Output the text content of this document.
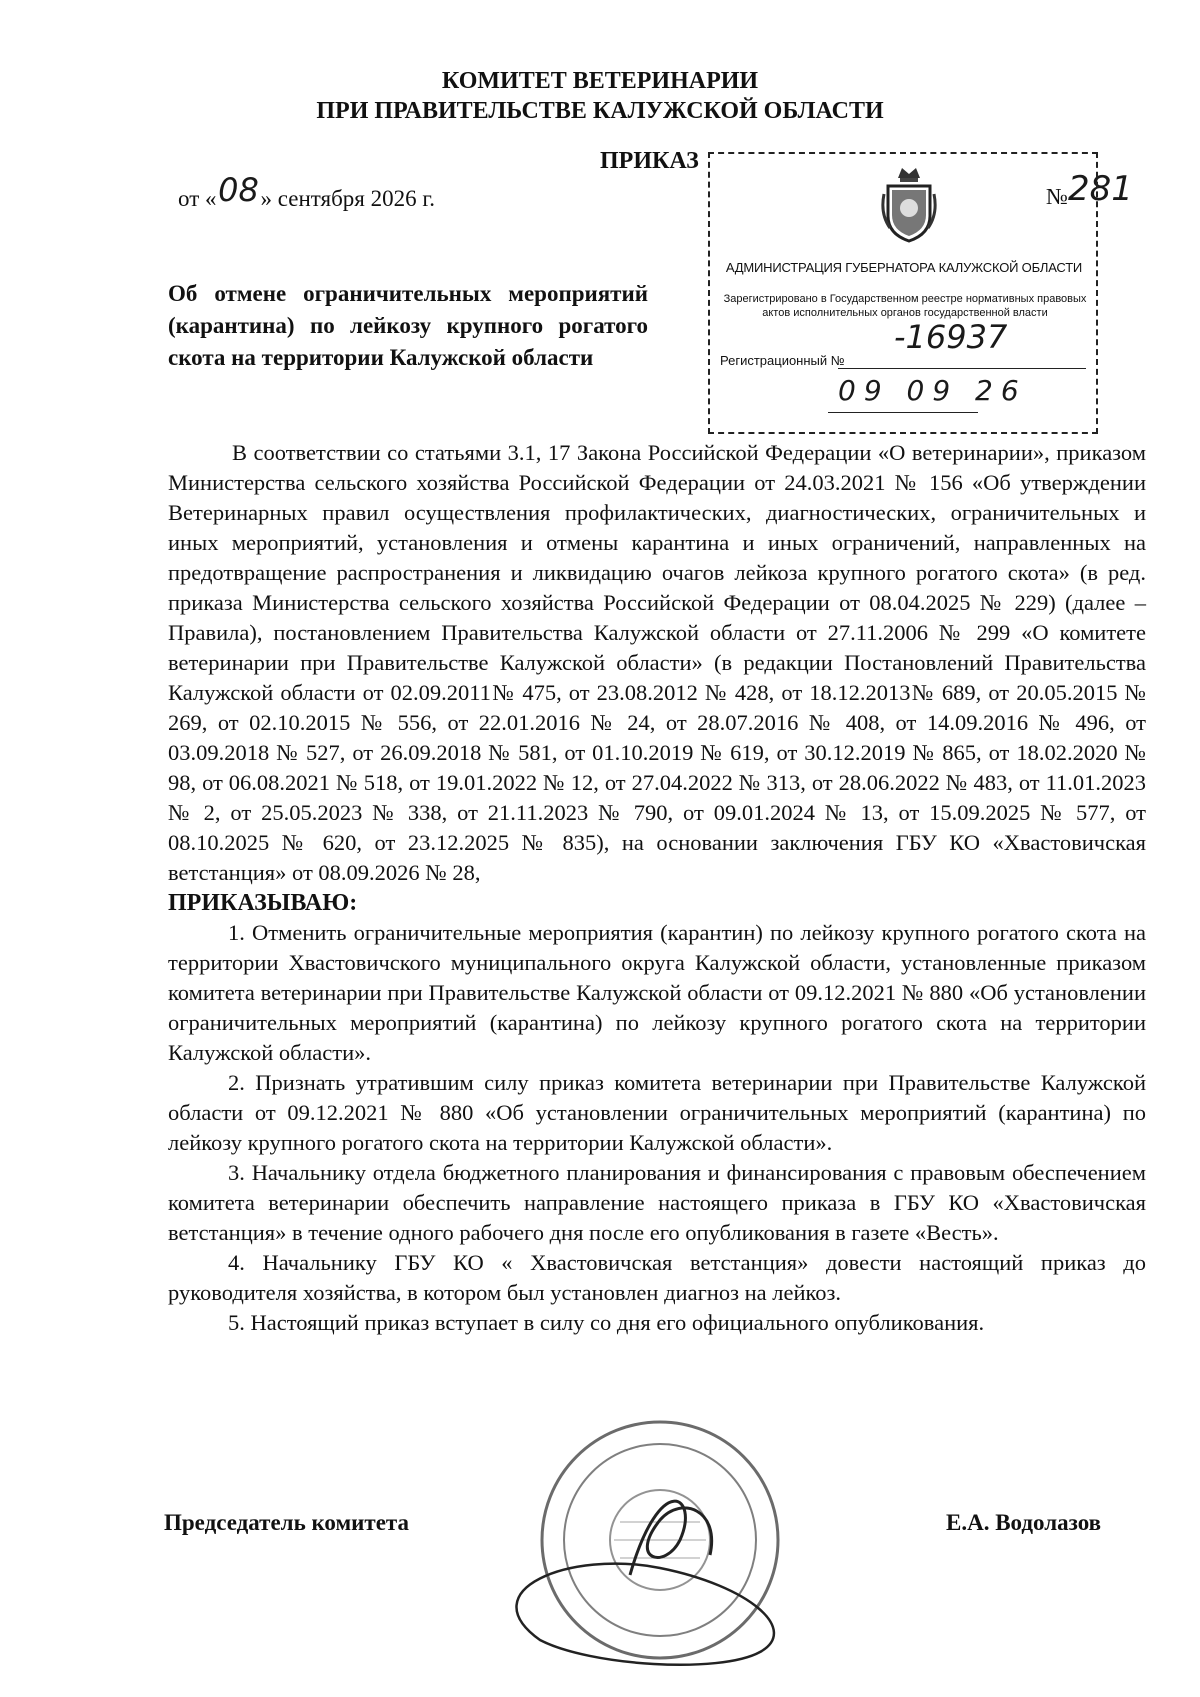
КОМИТЕТ ВЕТЕРИНАРИИ
ПРИ ПРАВИТЕЛЬСТВЕ КАЛУЖСКОЙ ОБЛАСТИ
ПРИКАЗ
от «08» сентября 2026 г.	№281
АДМИНИСТРАЦИЯ ГУБЕРНАТОРА КАЛУЖСКОЙ ОБЛАСТИ
Зарегистрировано в Государственном реестре нормативных правовых актов исполнительных органов государственной власти
Регистрационный №
-16937
09 09 26
Об отмене ограничительных мероприятий (карантина) по лейкозу крупного рогатого скота на территории Калужской области

В соответствии со статьями 3.1, 17 Закона Российской Федерации «О ветеринарии», приказом Министерства сельского хозяйства Российской Федерации от 24.03.2021 № 156 «Об утверждении Ветеринарных правил осуществления профилактических, диагностических, ограничительных и иных мероприятий, установления и отмены карантина и иных ограничений, направленных на предотвращение распространения и ликвидацию очагов лейкоза крупного рогатого скота» (в ред. приказа Министерства сельского хозяйства Российской Федерации от 08.04.2025 № 229) (далее – Правила), постановлением Правительства Калужской области от 27.11.2006 № 299 «О комитете ветеринарии при Правительстве Калужской области» (в редакции Постановлений Правительства Калужской области от 02.09.2011№ 475, от 23.08.2012 № 428, от 18.12.2013№ 689, от 20.05.2015 № 269, от 02.10.2015 № 556, от 22.01.2016 № 24, от 28.07.2016 № 408, от 14.09.2016 № 496, от 03.09.2018 № 527, от 26.09.2018 № 581, от 01.10.2019 № 619, от 30.12.2019 № 865, от 18.02.2020 № 98, от 06.08.2021 № 518, от 19.01.2022 № 12, от 27.04.2022 № 313, от 28.06.2022 № 483, от 11.01.2023 № 2, от 25.05.2023 № 338, от 21.11.2023 № 790, от 09.01.2024 № 13, от 15.09.2025 № 577, от 08.10.2025 № 620, от 23.12.2025 № 835), на основании заключения ГБУ КО «Хвастовичская ветстанция» от 08.09.2026 № 28,

ПРИКАЗЫВАЮ:

1. Отменить ограничительные мероприятия (карантин) по лейкозу крупного рогатого скота на территории Хвастовичского муниципального округа Калужской области, установленные приказом комитета ветеринарии при Правительстве Калужской области от 09.12.2021 № 880 «Об установлении ограничительных мероприятий (карантина) по лейкозу крупного рогатого скота на территории Калужской области».

2. Признать утратившим силу приказ комитета ветеринарии при Правительстве Калужской области от 09.12.2021 № 880 «Об установлении ограничительных мероприятий (карантина) по лейкозу крупного рогатого скота на территории Калужской области».

3. Начальнику отдела бюджетного планирования и финансирования с правовым обеспечением комитета ветеринарии обеспечить направление настоящего приказа в ГБУ КО «Хвастовичская ветстанция» в течение одного рабочего дня после его опубликования в газете «Весть».

4. Начальнику ГБУ КО « Хвастовичская ветстанция» довести настоящий приказ до руководителя хозяйства, в котором был установлен диагноз на лейкоз.

5. Настоящий приказ вступает в силу со дня его официального опубликования.

Председатель комитета	Е.А. Водолазов
